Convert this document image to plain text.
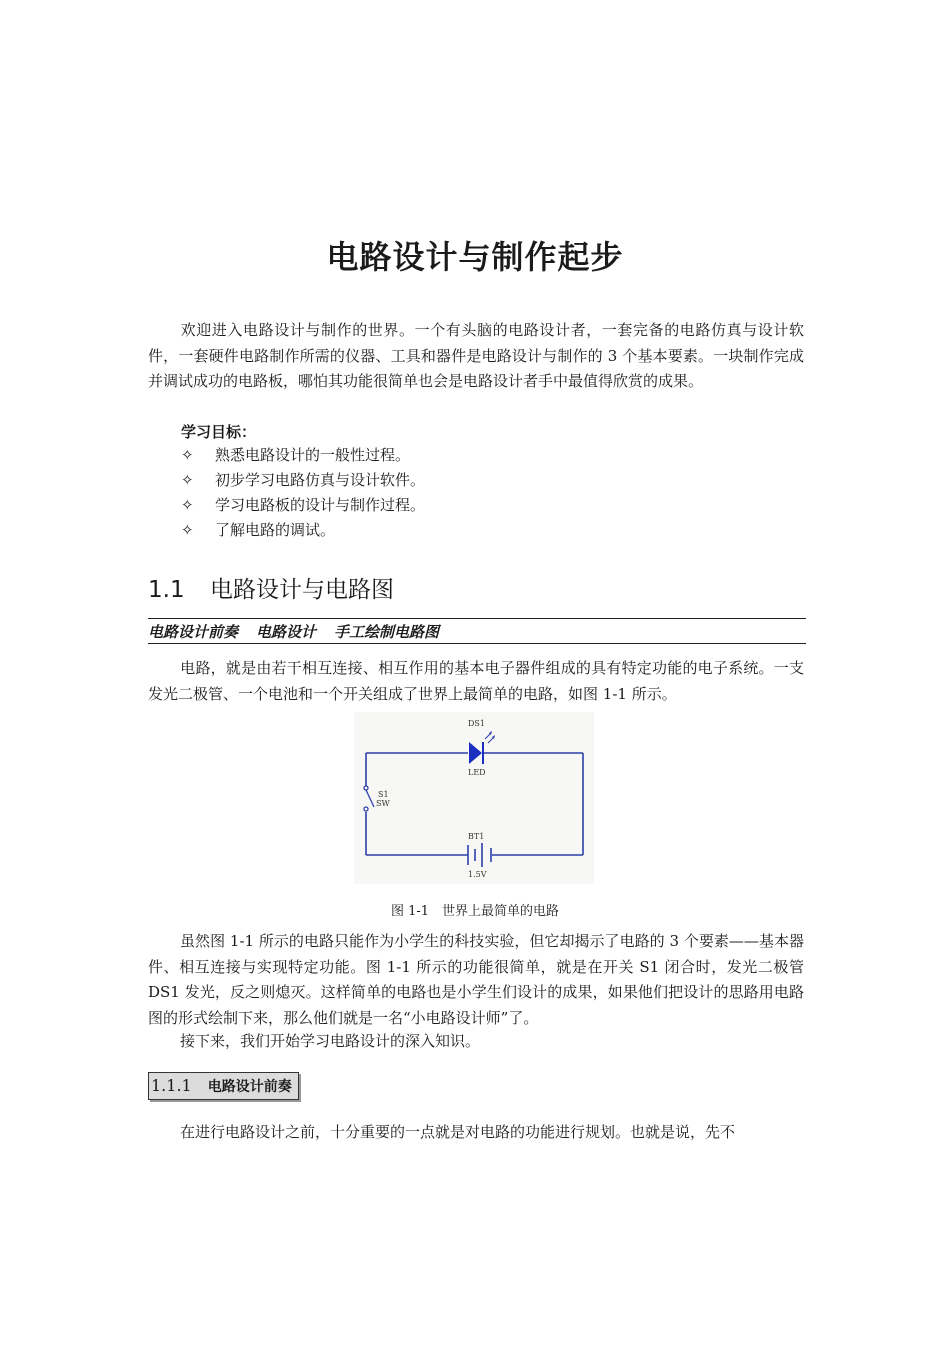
电路设计与制作起步
欢迎进入电路设计与制作的世界。一个有头脑的电路设计者，一套完备的电路仿真与设计软件，一套硬件电路制作所需的仪器、工具和器件是电路设计与制作的 3 个基本要素。一块制作完成并调试成功的电路板，哪怕其功能很简单也会是电路设计者手中最值得欣赏的成果。
学习目标：
✧ 熟悉电路设计的一般性过程。
✧ 初步学习电路仿真与设计软件。
✧ 学习电路板的设计与制作过程。
✧ 了解电路的调试。
1.1 电路设计与电路图
电路设计前奏 电路设计 手工绘制电路图
电路，就是由若干相互连接、相互作用的基本电子器件组成的具有特定功能的电子系统。一支发光二极管、一个电池和一个开关组成了世界上最简单的电路，如图 1-1 所示。
DS1
LED
S1
SW
BT1
1.5V
图 1-1　世界上最简单的电路
虽然图 1-1 所示的电路只能作为小学生的科技实验，但它却揭示了电路的 3 个要素——基本器件、相互连接与实现特定功能。图 1-1 所示的功能很简单，就是在开关 S1 闭合时，发光二极管 DS1 发光，反之则熄灭。这样简单的电路也是小学生们设计的成果，如果他们把设计的思路用电路图的形式绘制下来，那么他们就是一名“小电路设计师”了。
接下来，我们开始学习电路设计的深入知识。
1.1.1 电路设计前奏
在进行电路设计之前，十分重要的一点就是对电路的功能进行规划。也就是说，先不
